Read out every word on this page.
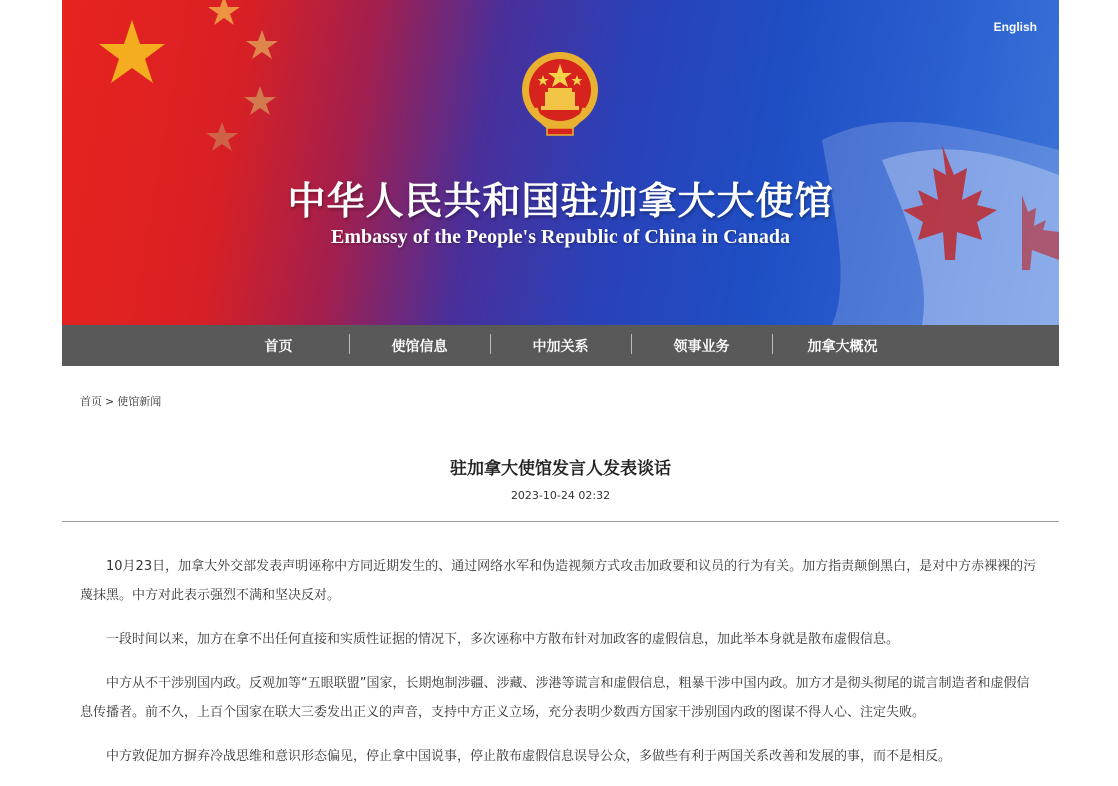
English
中华人民共和国驻加拿大大使馆
Embassy of the People's Republic of China in Canada
首页	使馆信息	中加关系	领事业务	加拿大概况
首页 > 使馆新闻
驻加拿大使馆发言人发表谈话
2023-10-24 02:32

10月23日，加拿大外交部发表声明诬称中方同近期发生的、通过网络水军和伪造视频方式攻击加政要和议员的行为有关。加方指责颠倒黑白，是对中方赤裸裸的污蔑抹黑。中方对此表示强烈不满和坚决反对。

一段时间以来，加方在拿不出任何直接和实质性证据的情况下，多次诬称中方散布针对加政客的虚假信息，加此举本身就是散布虚假信息。

中方从不干涉别国内政。反观加等“五眼联盟”国家，长期炮制涉疆、涉藏、涉港等谎言和虚假信息，粗暴干涉中国内政。加方才是彻头彻尾的谎言制造者和虚假信息传播者。前不久，上百个国家在联大三委发出正义的声音，支持中方正义立场，充分表明少数西方国家干涉别国内政的图谋不得人心、注定失败。

中方敦促加方摒弃冷战思维和意识形态偏见，停止拿中国说事，停止散布虚假信息误导公众，多做些有利于两国关系改善和发展的事，而不是相反。
